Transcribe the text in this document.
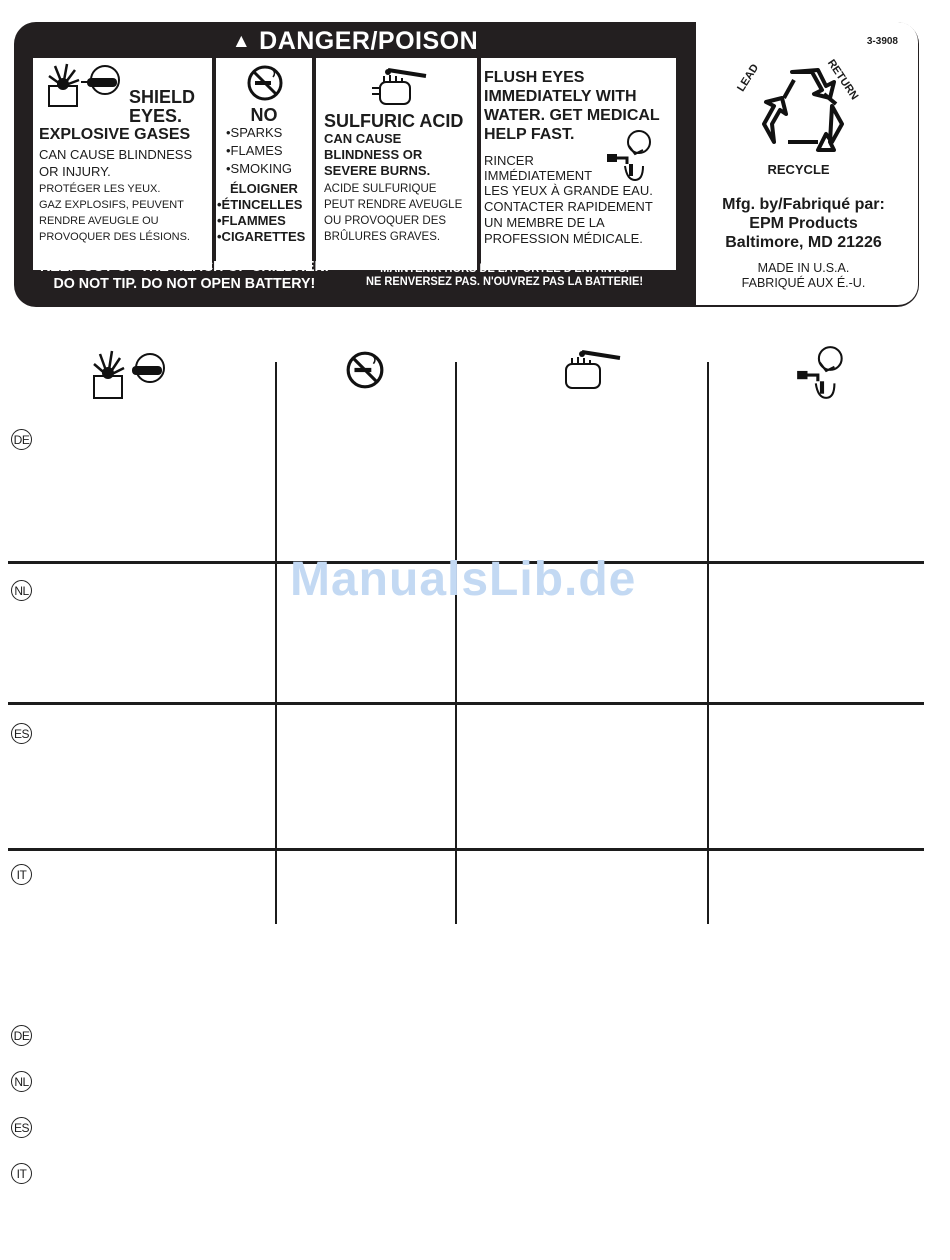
▲ DANGER/POISON
SHIELD
EYES.
EXPLOSIVE GASES
CAN CAUSE BLINDNESS
OR INJURY.
PROTÉGER LES YEUX.
GAZ EXPLOSIFS, PEUVENT
RENDRE AVEUGLE OU
PROVOQUER DES LÉSIONS.
NO
•SPARKS
•FLAMES
•SMOKING
ÉLOIGNER
•ÉTINCELLES
•FLAMMES
•CIGARETTES
SULFURIC ACID
CAN CAUSE
BLINDNESS OR
SEVERE BURNS.
ACIDE SULFURIQUE
PEUT RENDRE AVEUGLE
OU PROVOQUER DES
BRÛLURES GRAVES.
FLUSH EYES
IMMEDIATELY WITH
WATER. GET MEDICAL
HELP FAST.
RINCER
IMMÉDIATEMENT
LES YEUX À GRANDE EAU.
CONTACTER RAPIDEMENT
UN MEMBRE DE LA
PROFESSION MÉDICALE.
KEEP OUT OF THE REACH OF CHILDREN.
DO NOT TIP. DO NOT OPEN BATTERY!
MAINTENIR HORS DE LA PORTÉE D'ENFANTS.
NE RENVERSEZ PAS. N'OUVREZ PAS LA BATTERIE!
3-3908
LEAD	RETURN
RECYCLE
Mfg. by/Fabriqué par:
EPM Products
Baltimore, MD 21226
MADE IN U.S.A.
FABRIQUÉ AUX É.-U.
DE
NL
ES
IT
ManualsLib.de
DE
NL
ES
IT
